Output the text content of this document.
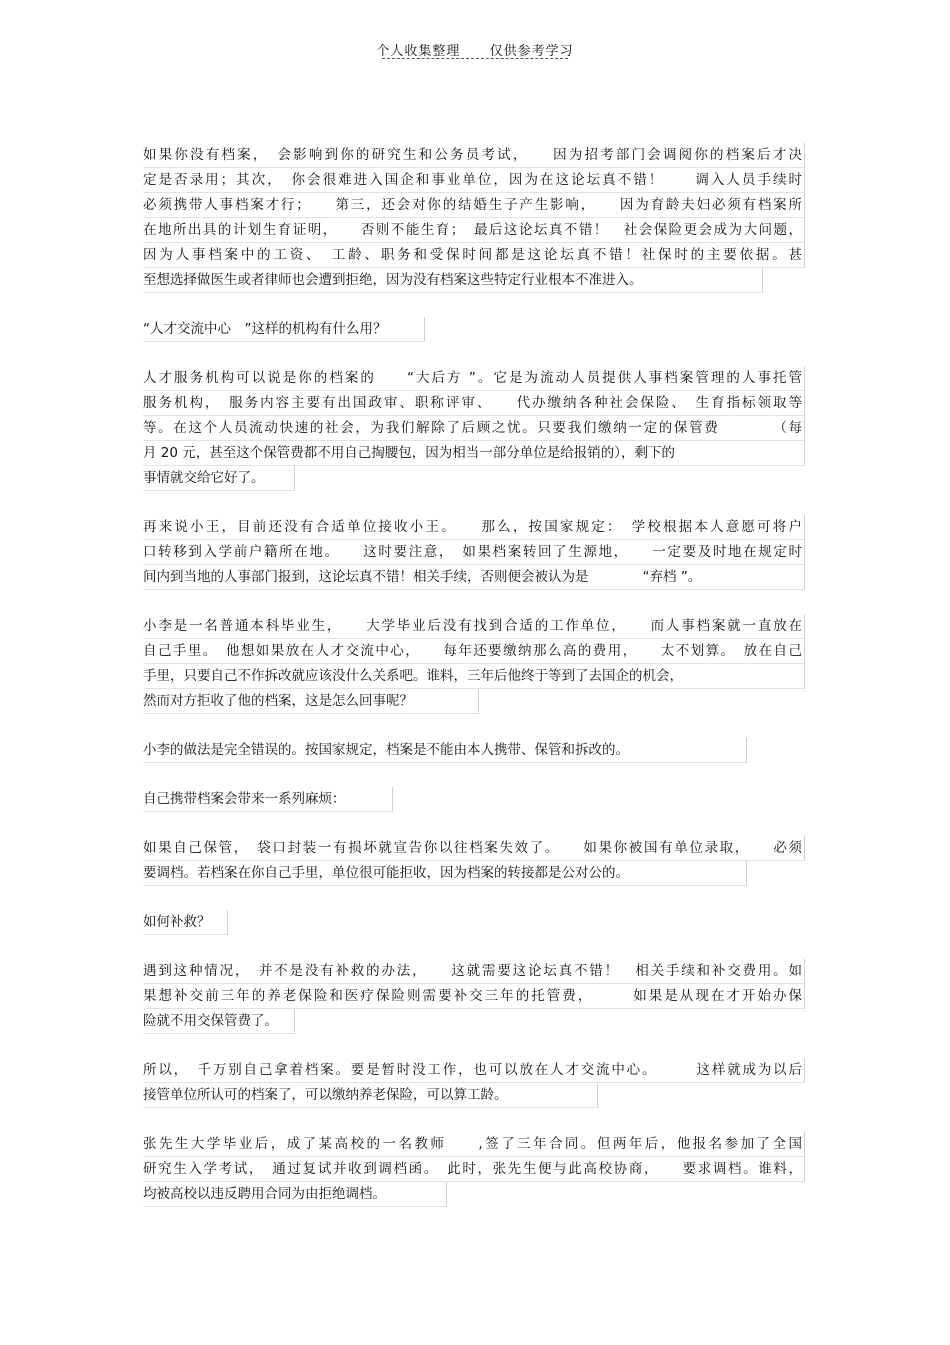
个人收集整理 仅供参考学习
如果你没有档案，　会影响到你的研究生和公务员考试，　　因为招考部门会调阅你的档案后才决
定是否录用；其次，　你会很难进入国企和事业单位，因为在这论坛真不错！　　调入人员手续时
必须携带人事档案才行；　　第三，还会对你的结婚生子产生影响，　　因为育龄夫妇必须有档案所
在地所出具的计划生育证明，　　否则不能生育；　最后这论坛真不错！　社会保险更会成为大问题，
因为人事档案中的工资、　工龄、职务和受保时间都是这论坛真不错！社保时的主要依据。甚
至想选择做医生或者律师也会遭到拒绝，因为没有档案这些特定行业根本不准进入。
“人才交流中心　”这样的机构有什么用？
人才服务机构可以说是你的档案的　　“大后方 ”。它是为流动人员提供人事档案管理的人事托管
服务机构，　服务内容主要有出国政审、职称评审、　　代办缴纳各种社会保险、　生育指标领取等
等。在这个人员流动快速的社会，为我们解除了后顾之忧。只要我们缴纳一定的保管费　　　　（每
月 20 元，甚至这个保管费都不用自己掏腰包，因为相当一部分单位是给报销的），剩下的
事情就交给它好了。
再来说小王，目前还没有合适单位接收小王。　　那么，按国家规定：　学校根据本人意愿可将户
口转移到入学前户籍所在地。　　这时要注意，　如果档案转回了生源地，　　一定要及时地在规定时
间内到当地的人事部门报到，这论坛真不错！相关手续，否则便会被认为是　　　　“弃档 ”。
小李是一名普通本科毕业生，　　大学毕业后没有找到合适的工作单位，　　而人事档案就一直放在
自己手里。　他想如果放在人才交流中心，　　每年还要缴纳那么高的费用，　　太不划算。　放在自己
手里，只要自己不作拆改就应该没什么关系吧。谁料，三年后他终于等到了去国企的机会，
然而对方拒收了他的档案，这是怎么回事呢？
小李的做法是完全错误的。按国家规定，档案是不能由本人携带、保管和拆改的。
自己携带档案会带来一系列麻烦：
如果自己保管，　袋口封装一有损坏就宣告你以往档案失效了。　　如果你被国有单位录取，　　必须
要调档。若档案在你自己手里，单位很可能拒收，因为档案的转接都是公对公的。
如何补救？
遇到这种情况，　并不是没有补救的办法，　　这就需要这论坛真不错！　相关手续和补交费用。如
果想补交前三年的养老保险和医疗保险则需要补交三年的托管费，　　　如果是从现在才开始办保
险就不用交保管费了。
所以，　千万别自己拿着档案。要是暂时没工作，也可以放在人才交流中心。　　　这样就成为以后
接管单位所认可的档案了，可以缴纳养老保险，可以算工龄。
张先生大学毕业后，成了某高校的一名教师　　,签了三年合同。但两年后，他报名参加了全国
研究生入学考试，　通过复试并收到调档函。　此时，张先生便与此高校协商，　　要求调档。谁料，
均被高校以违反聘用合同为由拒绝调档。
